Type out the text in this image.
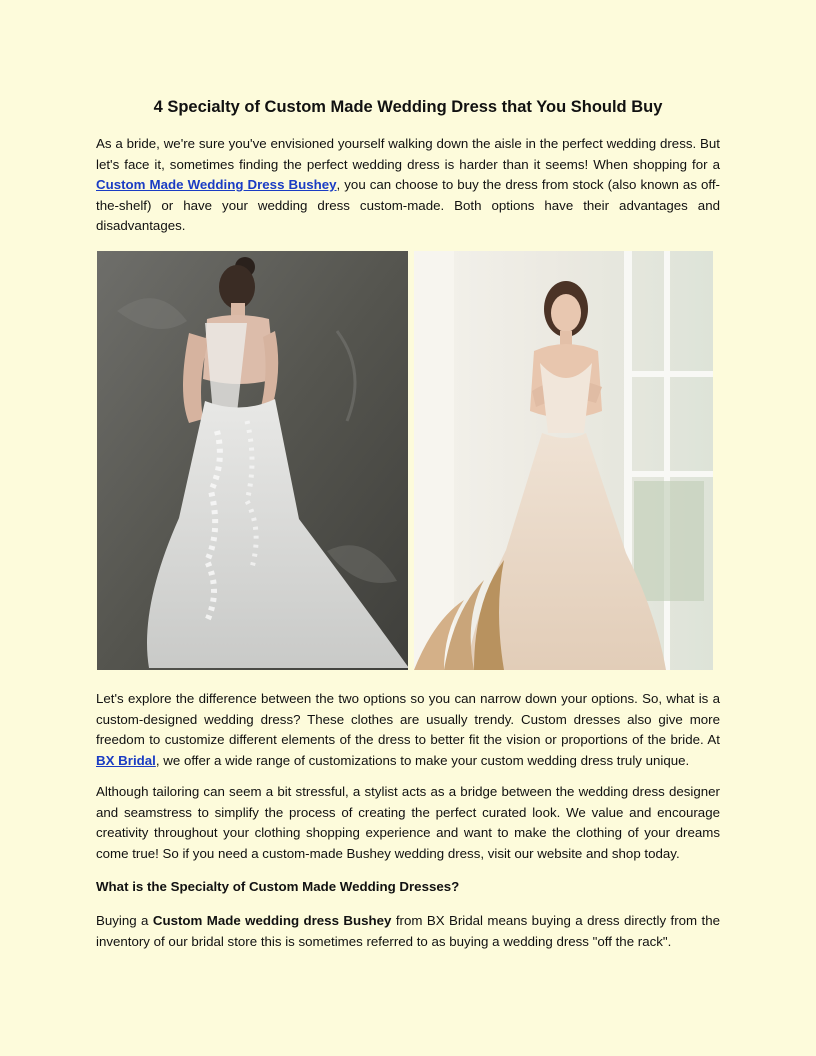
4 Specialty of Custom Made Wedding Dress that You Should Buy

As a bride, we're sure you've envisioned yourself walking down the aisle in the perfect wedding dress. But let's face it, sometimes finding the perfect wedding dress is harder than it seems! When shopping for a Custom Made Wedding Dress Bushey, you can choose to buy the dress from stock (also known as off-the-shelf) or have your wedding dress custom-made. Both options have their advantages and disadvantages.

Let's explore the difference between the two options so you can narrow down your options. So, what is a custom-designed wedding dress? These clothes are usually trendy. Custom dresses also give more freedom to customize different elements of the dress to better fit the vision or proportions of the bride. At BX Bridal, we offer a wide range of customizations to make your custom wedding dress truly unique.

Although tailoring can seem a bit stressful, a stylist acts as a bridge between the wedding dress designer and seamstress to simplify the process of creating the perfect curated look. We value and encourage creativity throughout your clothing shopping experience and want to make the clothing of your dreams come true! So if you need a custom-made Bushey wedding dress, visit our website and shop today.

What is the Specialty of Custom Made Wedding Dresses?

Buying a Custom Made wedding dress Bushey from BX Bridal means buying a dress directly from the inventory of our bridal store this is sometimes referred to as buying a wedding dress "off the rack".
